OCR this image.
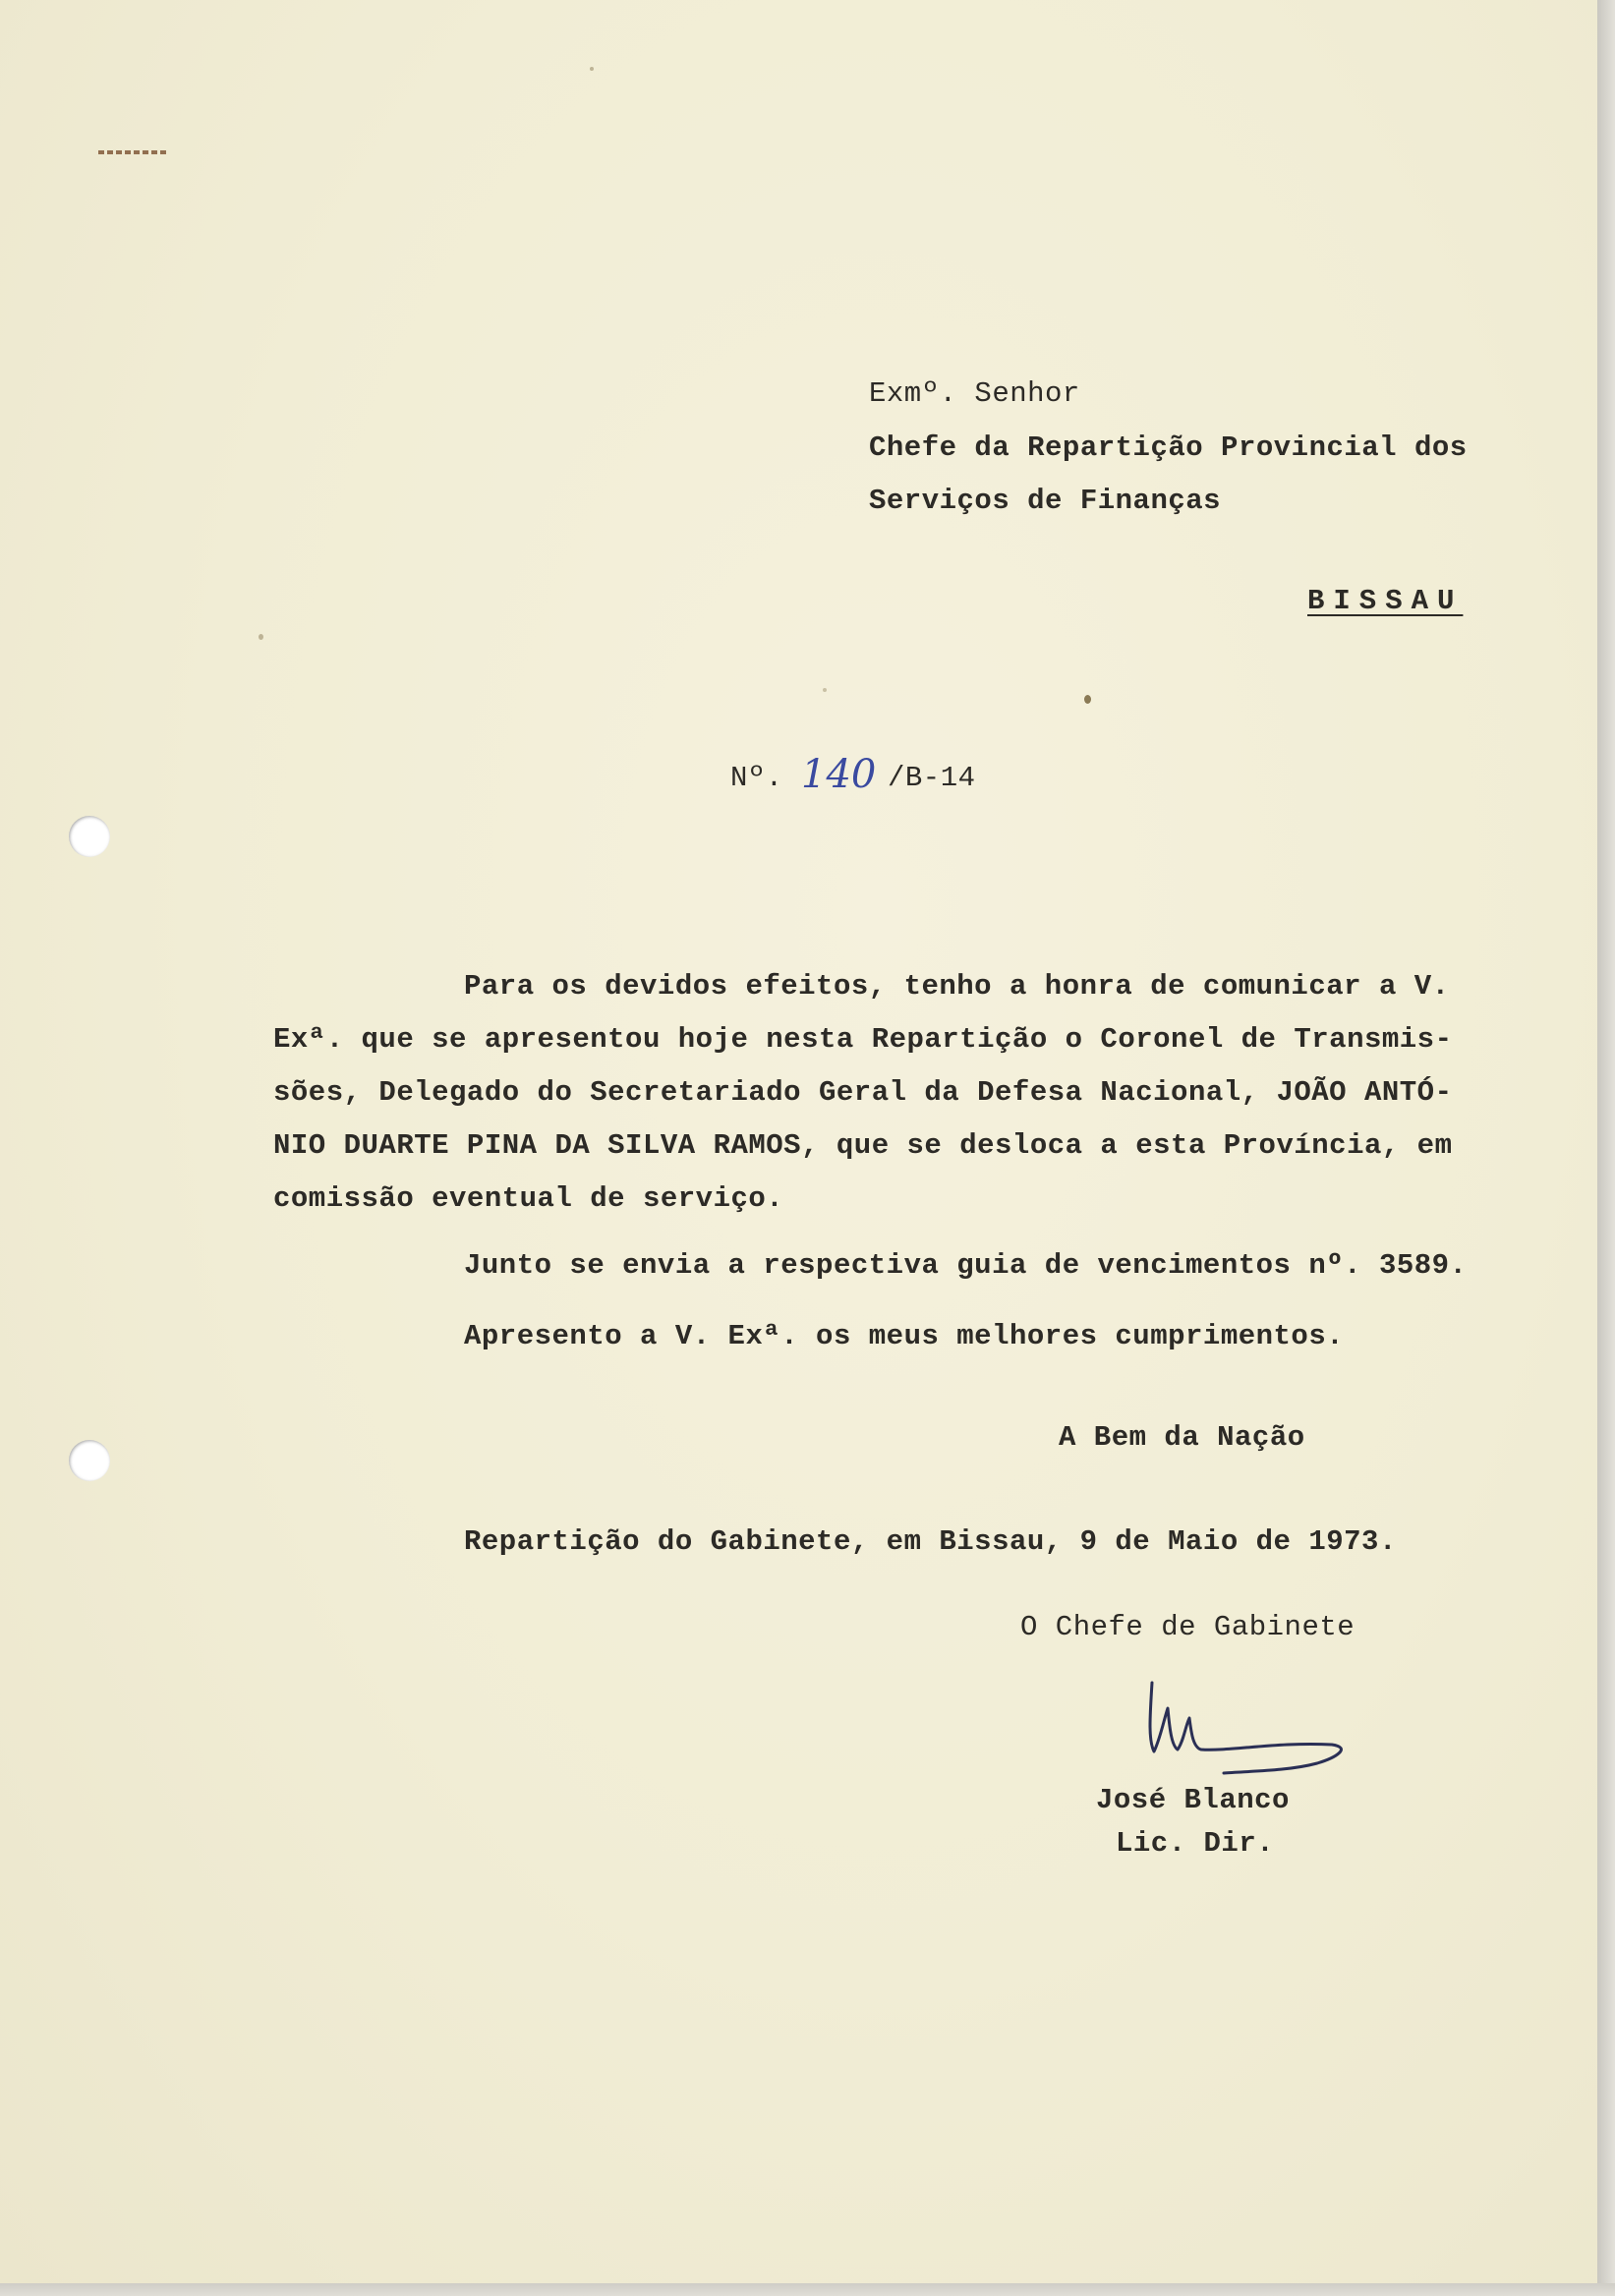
Exmº. Senhor
Chefe da Repartição Provincial dos
Serviços de Finanças
BISSAU
Nº. 140 /B-14
Para os devidos efeitos, tenho a honra de comunicar a V.
Exª. que se apresentou hoje nesta Repartição o Coronel de Transmis-
sões, Delegado do Secretariado Geral da Defesa Nacional, JOÃO ANTÓ-
NIO DUARTE PINA DA SILVA RAMOS, que se desloca a esta Província, em
comissão eventual de serviço.
Junto se envia a respectiva guia de vencimentos nº. 3589.
Apresento a V. Exª. os meus melhores cumprimentos.
A Bem da Nação
Repartição do Gabinete, em Bissau, 9 de Maio de 1973.
O Chefe de Gabinete
José Blanco
Lic. Dir.
